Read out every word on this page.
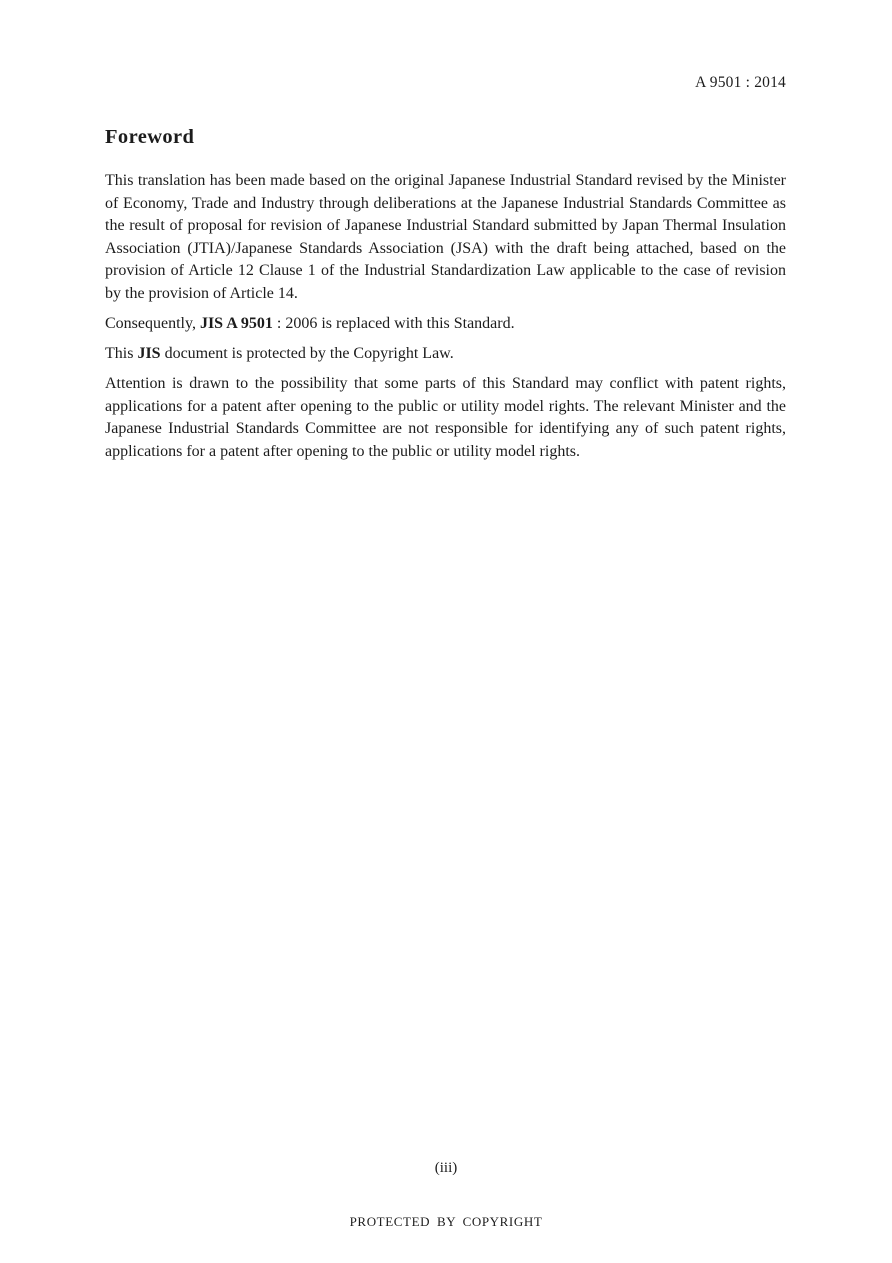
A 9501 : 2014
Foreword

This translation has been made based on the original Japanese Industrial Standard revised by the Minister of Economy, Trade and Industry through deliberations at the Japanese Industrial Standards Committee as the result of proposal for revision of Japanese Industrial Standard submitted by Japan Thermal Insulation Association (JTIA)/Japanese Standards Association (JSA) with the draft being attached, based on the provision of Article 12 Clause 1 of the Industrial Standardization Law applicable to the case of revision by the provision of Article 14.

Consequently, JIS A 9501 : 2006 is replaced with this Standard.

This JIS document is protected by the Copyright Law.

Attention is drawn to the possibility that some parts of this Standard may conflict with patent rights, applications for a patent after opening to the public or utility model rights. The relevant Minister and the Japanese Industrial Standards Committee are not responsible for identifying any of such patent rights, applications for a patent after opening to the public or utility model rights.

(iii)
PROTECTED BY COPYRIGHT
